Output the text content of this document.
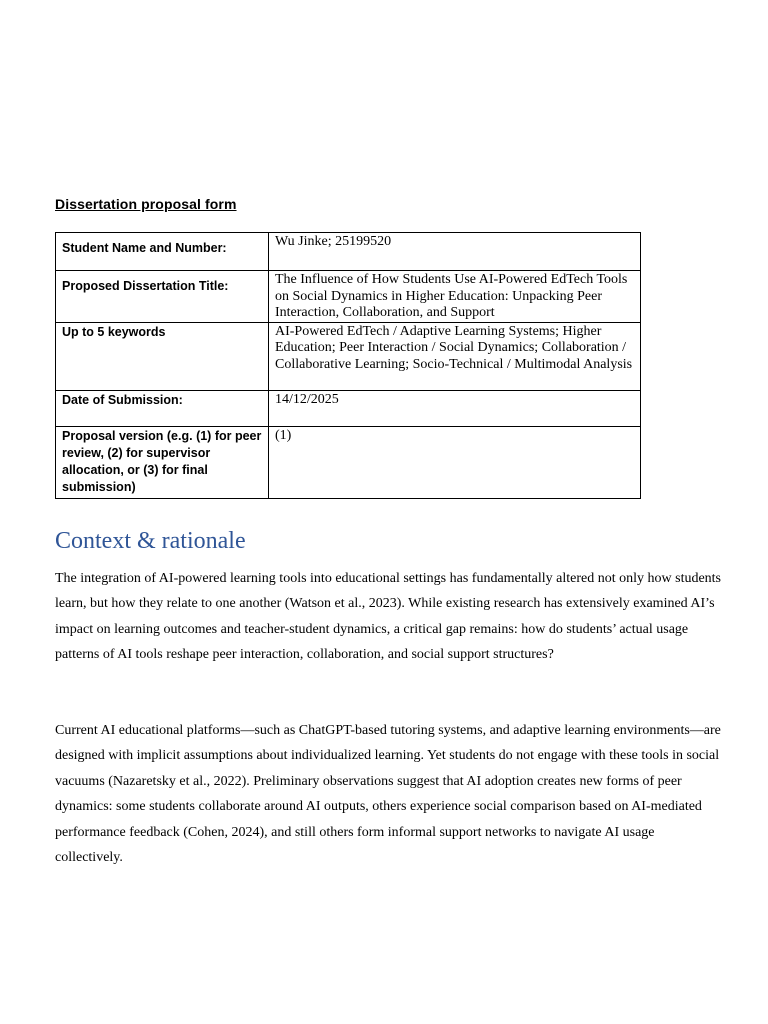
Dissertation proposal form
Student Name and Number:	Wu Jinke; 25199520
Proposed Dissertation Title:	The Influence of How Students Use AI-Powered EdTech Tools on Social Dynamics in Higher Education: Unpacking Peer Interaction, Collaboration, and Support
Up to 5 keywords	AI-Powered EdTech / Adaptive Learning Systems; Higher Education; Peer Interaction / Social Dynamics; Collaboration / Collaborative Learning; Socio-Technical / Multimodal Analysis
Date of Submission:	14/12/2025
Proposal version (e.g. (1) for peer review, (2) for supervisor allocation, or (3) for final submission)	(1)
Context & rationale

The integration of AI-powered learning tools into educational settings has fundamentally altered not only how students learn, but how they relate to one another (Watson et al., 2023). While existing research has extensively examined AI’s impact on learning outcomes and teacher-student dynamics, a critical gap remains: how do students’ actual usage patterns of AI tools reshape peer interaction, collaboration, and social support structures?

Current AI educational platforms—such as ChatGPT-based tutoring systems, and adaptive learning environments—are designed with implicit assumptions about individualized learning. Yet students do not engage with these tools in social vacuums (Nazaretsky et al., 2022). Preliminary observations suggest that AI adoption creates new forms of peer dynamics: some students collaborate around AI outputs, others experience social comparison based on AI-mediated performance feedback (Cohen, 2024), and still others form informal support networks to navigate AI usage collectively.
